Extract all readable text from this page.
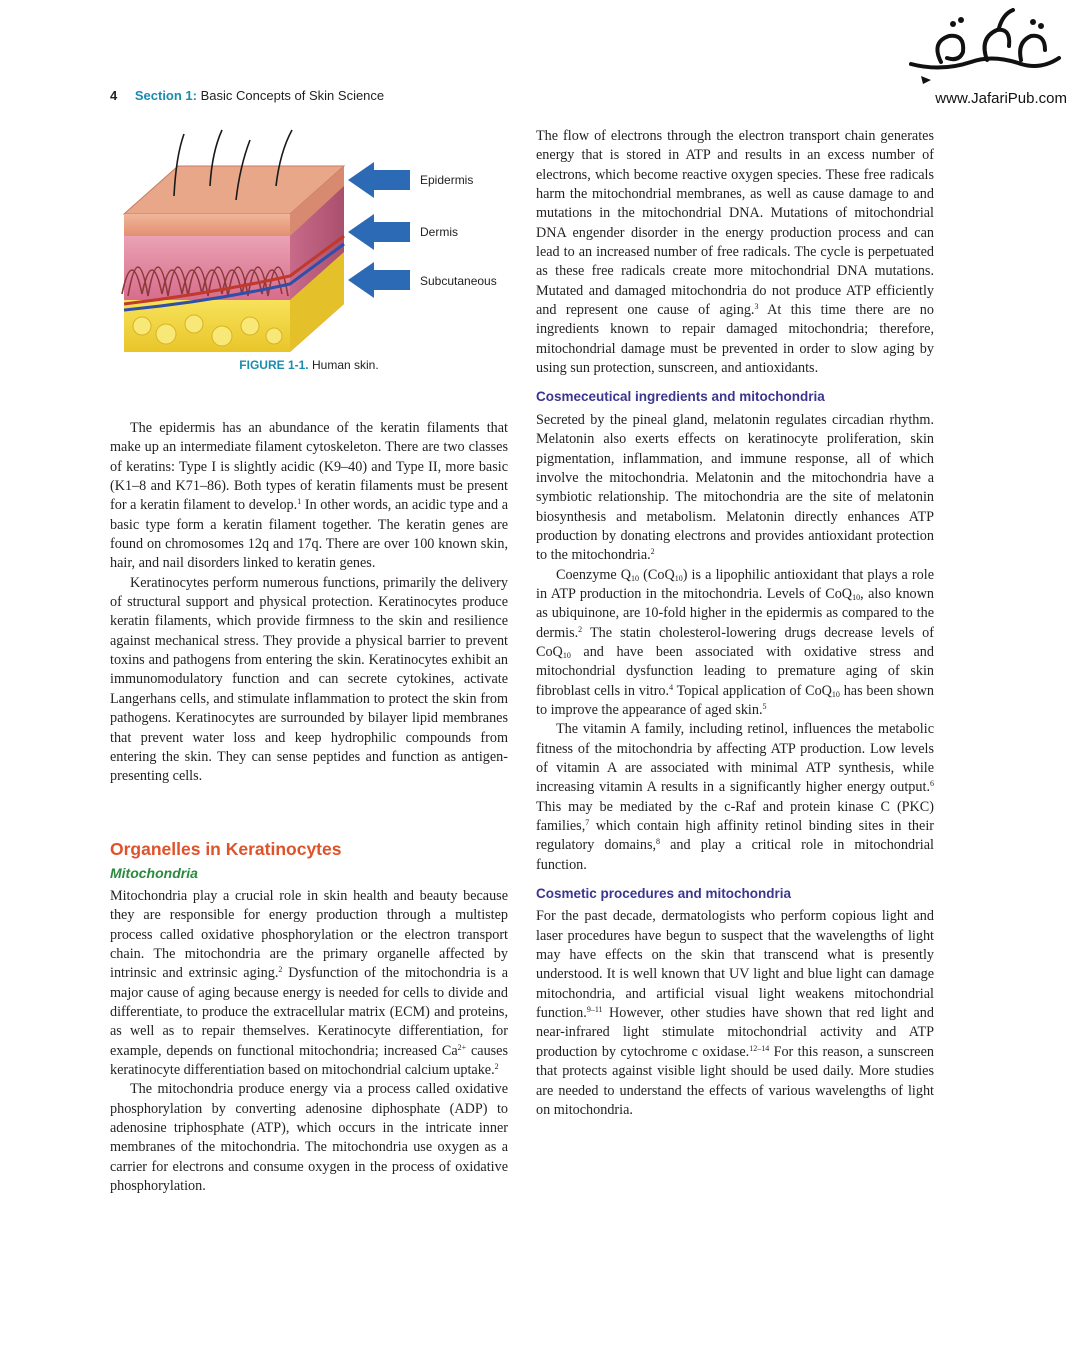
4 Section 1: Basic Concepts of Skin Science	www.JafariPub.com
Epidermis
Dermis
Subcutaneous
FIGURE 1-1. Human skin.

The epidermis has an abundance of the keratin filaments that make up an intermediate filament cytoskeleton. There are two classes of keratins: Type I is slightly acidic (K9–40) and Type II, more basic (K1–8 and K71–86). Both types of keratin filaments must be present for a keratin filament to develop.$^1$ In other words, an acidic type and a basic type form a keratin filament together. The keratin genes are found on chromosomes 12q and 17q. There are over 100 known skin, hair, and nail disorders linked to keratin genes.

Keratinocytes perform numerous functions, primarily the delivery of structural support and physical protection. Keratinocytes produce keratin filaments, which provide firmness to the skin and resilience against mechanical stress. They provide a physical barrier to prevent toxins and pathogens from entering the skin. Keratinocytes exhibit an immunomodulatory function and can secrete cytokines, activate Langerhans cells, and stimulate inflammation to protect the skin from pathogens. Keratinocytes are surrounded by bilayer lipid membranes that prevent water loss and keep hydrophilic compounds from entering the skin. They can sense peptides and function as antigen-presenting cells.

Organelles in Keratinocytes
Mitochondria

Mitochondria play a crucial role in skin health and beauty because they are responsible for energy production through a multistep process called oxidative phosphorylation or the electron transport chain. The mitochondria are the primary organelle affected by intrinsic and extrinsic aging.$^2$ Dysfunction of the mitochondria is a major cause of aging because energy is needed for cells to divide and differentiate, to produce the extracellular matrix (ECM) and proteins, as well as to repair themselves. Keratinocyte differentiation, for example, depends on functional mitochondria; increased $Ca^{2+}$ causes keratinocyte differentiation based on mitochondrial calcium uptake.$^2$

The mitochondria produce energy via a process called oxidative phosphorylation by converting adenosine diphosphate (ADP) to adenosine triphosphate (ATP), which occurs in the intricate inner membranes of the mitochondria. The mitochondria use oxygen as a carrier for electrons and consume oxygen in the process of oxidative phosphorylation.

The flow of electrons through the electron transport chain generates energy that is stored in ATP and results in an excess number of electrons, which become reactive oxygen species. These free radicals harm the mitochondrial membranes, as well as cause damage to and mutations in the mitochondrial DNA. Mutations of mitochondrial DNA engender disorder in the energy production process and can lead to an increased number of free radicals. The cycle is perpetuated as these free radicals create more mitochondrial DNA mutations. Mutated and damaged mitochondria do not produce ATP efficiently and represent one cause of aging.$^3$ At this time there are no ingredients known to repair damaged mitochondria; therefore, mitochondrial damage must be prevented in order to slow aging by using sun protection, sunscreen, and antioxidants.

Cosmeceutical ingredients and mitochondria

Secreted by the pineal gland, melatonin regulates circadian rhythm. Melatonin also exerts effects on keratinocyte proliferation, skin pigmentation, inflammation, and immune response, all of which involve the mitochondria. Melatonin and the mitochondria have a symbiotic relationship. The mitochondria are the site of melatonin biosynthesis and metabolism. Melatonin directly enhances ATP production by donating electrons and provides antioxidant protection to the mitochondria.$^2$

Coenzyme $Q_{10}$ (CoQ$_{10}$) is a lipophilic antioxidant that plays a role in ATP production in the mitochondria. Levels of CoQ$_{10}$, also known as ubiquinone, are 10-fold higher in the epidermis as compared to the dermis.$^2$ The statin cholesterol-lowering drugs decrease levels of CoQ$_{10}$ and have been associated with oxidative stress and mitochondrial dysfunction leading to premature aging of skin fibroblast cells in vitro.$^4$ Topical application of CoQ$_{10}$ has been shown to improve the appearance of aged skin.$^5$

The vitamin A family, including retinol, influences the metabolic fitness of the mitochondria by affecting ATP production. Low levels of vitamin A are associated with minimal ATP synthesis, while increasing vitamin A results in a significantly higher energy output.$^6$ This may be mediated by the c-Raf and protein kinase C (PKC) families,$^7$ which contain high affinity retinol binding sites in their regulatory domains,$^8$ and play a critical role in mitochondrial function.

Cosmetic procedures and mitochondria

For the past decade, dermatologists who perform copious light and laser procedures have begun to suspect that the wavelengths of light may have effects on the skin that transcend what is presently understood. It is well known that UV light and blue light can damage mitochondria, and artificial visual light weakens mitochondrial function.$^{9-11}$ However, other studies have shown that red light and near-infrared light stimulate mitochondrial activity and ATP production by cytochrome c oxidase.$^{12-14}$ For this reason, a sunscreen that protects against visible light should be used daily. More studies are needed to understand the effects of various wavelengths of light on mitochondria.
